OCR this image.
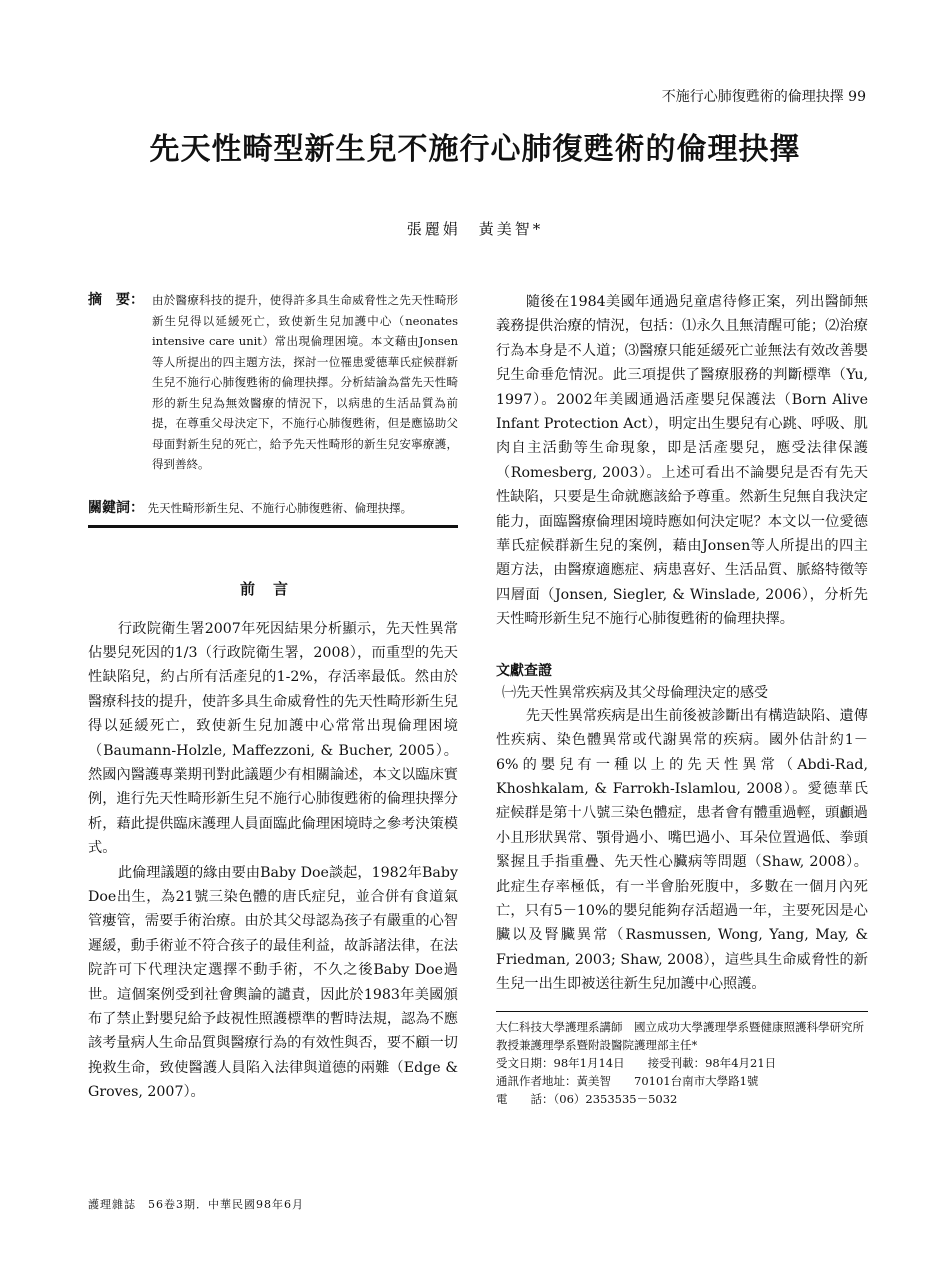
不施行心肺復甦術的倫理抉擇 99
先天性畸型新生兒不施行心肺復甦術的倫理抉擇
張麗娟　黃美智*
摘　要： 由於醫療科技的提升，使得許多具生命威脅性之先天性畸形新生兒得以延緩死亡，致使新生兒加護中心（neonates intensive care unit）常出現倫理困境。本文藉由Jonsen等人所提出的四主題方法，探討一位罹患愛德華氏症候群新生兒不施行心肺復甦術的倫理抉擇。分析結論為當先天性畸形的新生兒為無效醫療的情況下，以病患的生活品質為前提，在尊重父母決定下，不施行心肺復甦術，但是應協助父母面對新生兒的死亡，給予先天性畸形的新生兒安寧療護，得到善終。
關鍵詞： 先天性畸形新生兒、不施行心肺復甦術、倫理抉擇。
前言

行政院衛生署2007年死因結果分析顯示，先天性異常佔嬰兒死因的1/3（行政院衛生署，2008），而重型的先天性缺陷兒，約占所有活產兒的1-2%，存活率最低。然由於醫療科技的提升，使許多具生命威脅性的先天性畸形新生兒得以延緩死亡，致使新生兒加護中心常常出現倫理困境（Baumann-Holzle, Maffezzoni, & Bucher, 2005）。然國內醫護專業期刊對此議題少有相關論述，本文以臨床實例，進行先天性畸形新生兒不施行心肺復甦術的倫理抉擇分析，藉此提供臨床護理人員面臨此倫理困境時之參考決策模式。

此倫理議題的緣由要由Baby Doe談起，1982年Baby Doe出生，為21號三染色體的唐氏症兒，並合併有食道氣管瘻管，需要手術治療。由於其父母認為孩子有嚴重的心智遲緩，動手術並不符合孩子的最佳利益，故訴諸法律，在法院許可下代理決定選擇不動手術，不久之後Baby Doe過世。這個案例受到社會輿論的譴責，因此於1983年美國頒布了禁止對嬰兒給予歧視性照護標準的暫時法規，認為不應該考量病人生命品質與醫療行為的有效性與否，要不顧一切挽救生命，致使醫護人員陷入法律與道德的兩難（Edge & Groves, 2007）。

隨後在1984美國年通過兒童虐待修正案，列出醫師無義務提供治療的情況，包括：⑴永久且無清醒可能；⑵治療行為本身是不人道；⑶醫療只能延緩死亡並無法有效改善嬰兒生命垂危情況。此三項提供了醫療服務的判斷標準（Yu, 1997）。2002年美國通過活產嬰兒保護法（Born Alive Infant Protection Act），明定出生嬰兒有心跳、呼吸、肌肉自主活動等生命現象，即是活產嬰兒，應受法律保護（Romesberg, 2003）。上述可看出不論嬰兒是否有先天性缺陷，只要是生命就應該給予尊重。然新生兒無自我決定能力，面臨醫療倫理困境時應如何決定呢？本文以一位愛德華氏症候群新生兒的案例，藉由Jonsen等人所提出的四主題方法，由醫療適應症、病患喜好、生活品質、脈絡特徵等四層面（Jonsen, Siegler, & Winslade, 2006），分析先天性畸形新生兒不施行心肺復甦術的倫理抉擇。

文獻查證
㈠先天性異常疾病及其父母倫理決定的感受

先天性異常疾病是出生前後被診斷出有構造缺陷、遺傳性疾病、染色體異常或代謝異常的疾病。國外估計約1－6%的嬰兒有一種以上的先天性異常（Abdi-Rad, Khoshkalam, & Farrokh-Islamlou, 2008）。愛德華氏症候群是第十八號三染色體症，患者會有體重過輕，頭顱過小且形狀異常、顎骨過小、嘴巴過小、耳朵位置過低、拳頭緊握且手指重疊、先天性心臟病等問題（Shaw, 2008）。此症生存率極低，有一半會胎死腹中，多數在一個月內死亡，只有5－10%的嬰兒能夠存活超過一年，主要死因是心臟以及腎臟異常（Rasmussen, Wong, Yang, May, & Friedman, 2003; Shaw, 2008），這些具生命威脅性的新生兒一出生即被送往新生兒加護中心照護。

大仁科技大學護理系講師　國立成功大學護理學系暨健康照護科學研究所教授兼護理學系暨附設醫院護理部主任*

受文日期：98年1月14日　　接受刊載：98年4月21日

通訊作者地址：黃美智　　70101台南市大學路1號

電　　話：（06）2353535－5032

護理雜誌　56卷3期．中華民國98年6月
